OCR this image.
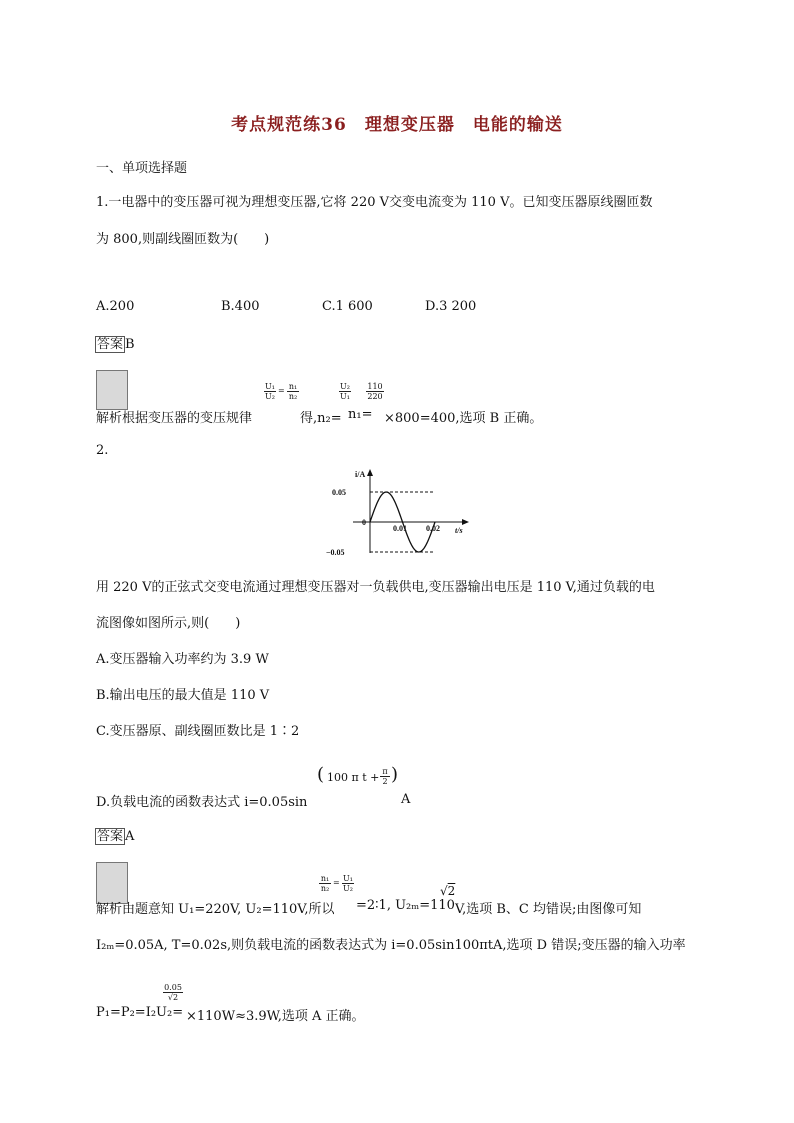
考点规范练36　理想变压器　电能的输送
一、单项选择题
1.一电器中的变压器可视为理想变压器,它将 220 V交变电流变为 110 V。已知变压器原线圈匝数
为 800,则副线圈匝数为(　　)
A.200	B.400	C.1 600	D.3 200
答案 B
解析根据变压器的变压规律
$\frac{\text{U₁}}{\text{U₂}} = \frac{\text{n₁}}{\text{n₂}}$
得,n₂=
$\frac{\text{U₂}}{\text{U₁}}$
n₁=
$\frac{110}{220}$
×800=400,选项 B 正确。
2.
i/A
t/s
0.05
−0.05
0
0.01 0.02
用 220 V的正弦式交变电流通过理想变压器对一负载供电,变压器输出电压是 110 V,通过负载的电
流图像如图所示,则(　　)
A.变压器输入功率约为 3.9 W
B.输出电压的最大值是 110 V
C.变压器原、副线圈匝数比是 1∶2
D.负载电流的函数表达式 i=0.05sin
( 100 π $t + \frac{\pi}{2}$ )
A
答案 A
解析由题意知 U₁=220V, U₂=110V,所以
$\frac{\text{n₁}}{\text{n₂}} = \frac{\text{U₁}}{\text{U₂}}$
=2∶1, U₂ₘ=110
√2
V,选项 B、C 均错误;由图像可知
I₂ₘ=0.05A, T=0.02s,则负载电流的函数表达式为 i=0.05sin100πtA,选项 D 错误;变压器的输入功率
$\frac{0.05}{√2}$
P₁=P₂=I₂U₂= ×110W≈3.9W,选项 A 正确。
